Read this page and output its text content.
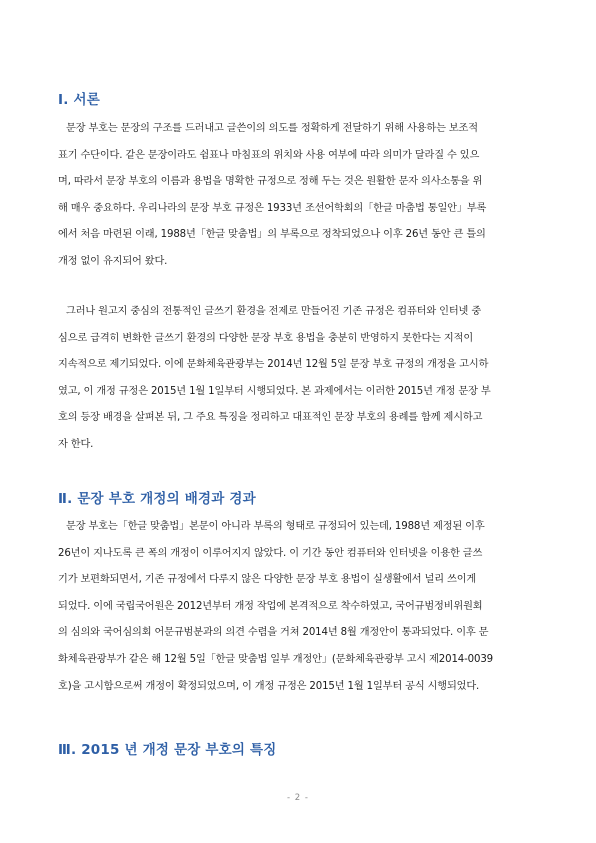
Ⅰ. 서론
문장 부호는 문장의 구조를 드러내고 글쓴이의 의도를 정확하게 전달하기 위해 사용하는 보조적
표기 수단이다. 같은 문장이라도 쉼표나 마침표의 위치와 사용 여부에 따라 의미가 달라질 수 있으
며, 따라서 문장 부호의 이름과 용법을 명확한 규정으로 정해 두는 것은 원활한 문자 의사소통을 위
해 매우 중요하다. 우리나라의 문장 부호 규정은 1933년 조선어학회의「한글 마춤법 통일안」부록
에서 처음 마련된 이래, 1988년「한글 맞춤법」의 부록으로 정착되었으나 이후 26년 동안 큰 틀의
개정 없이 유지되어 왔다.
그러나 원고지 중심의 전통적인 글쓰기 환경을 전제로 만들어진 기존 규정은 컴퓨터와 인터넷 중
심으로 급격히 변화한 글쓰기 환경의 다양한 문장 부호 용법을 충분히 반영하지 못한다는 지적이
지속적으로 제기되었다. 이에 문화체육관광부는 2014년 12월 5일 문장 부호 규정의 개정을 고시하
였고, 이 개정 규정은 2015년 1월 1일부터 시행되었다. 본 과제에서는 이러한 2015년 개정 문장 부
호의 등장 배경을 살펴본 뒤, 그 주요 특징을 정리하고 대표적인 문장 부호의 용례를 함께 제시하고
자 한다.
Ⅱ. 문장 부호 개정의 배경과 경과
문장 부호는「한글 맞춤법」본문이 아니라 부록의 형태로 규정되어 있는데, 1988년 제정된 이후
26년이 지나도록 큰 폭의 개정이 이루어지지 않았다. 이 기간 동안 컴퓨터와 인터넷을 이용한 글쓰
기가 보편화되면서, 기존 규정에서 다루지 않은 다양한 문장 부호 용법이 실생활에서 널리 쓰이게
되었다. 이에 국립국어원은 2012년부터 개정 작업에 본격적으로 착수하였고, 국어규범정비위원회
의 심의와 국어심의회 어문규범분과의 의견 수렴을 거쳐 2014년 8월 개정안이 통과되었다. 이후 문
화체육관광부가 같은 해 12월 5일「한글 맞춤법 일부 개정안」(문화체육관광부 고시 제2014-0039
호)을 고시함으로써 개정이 확정되었으며, 이 개정 규정은 2015년 1월 1일부터 공식 시행되었다.
Ⅲ. 2015 년 개정 문장 부호의 특징
- 2 -
